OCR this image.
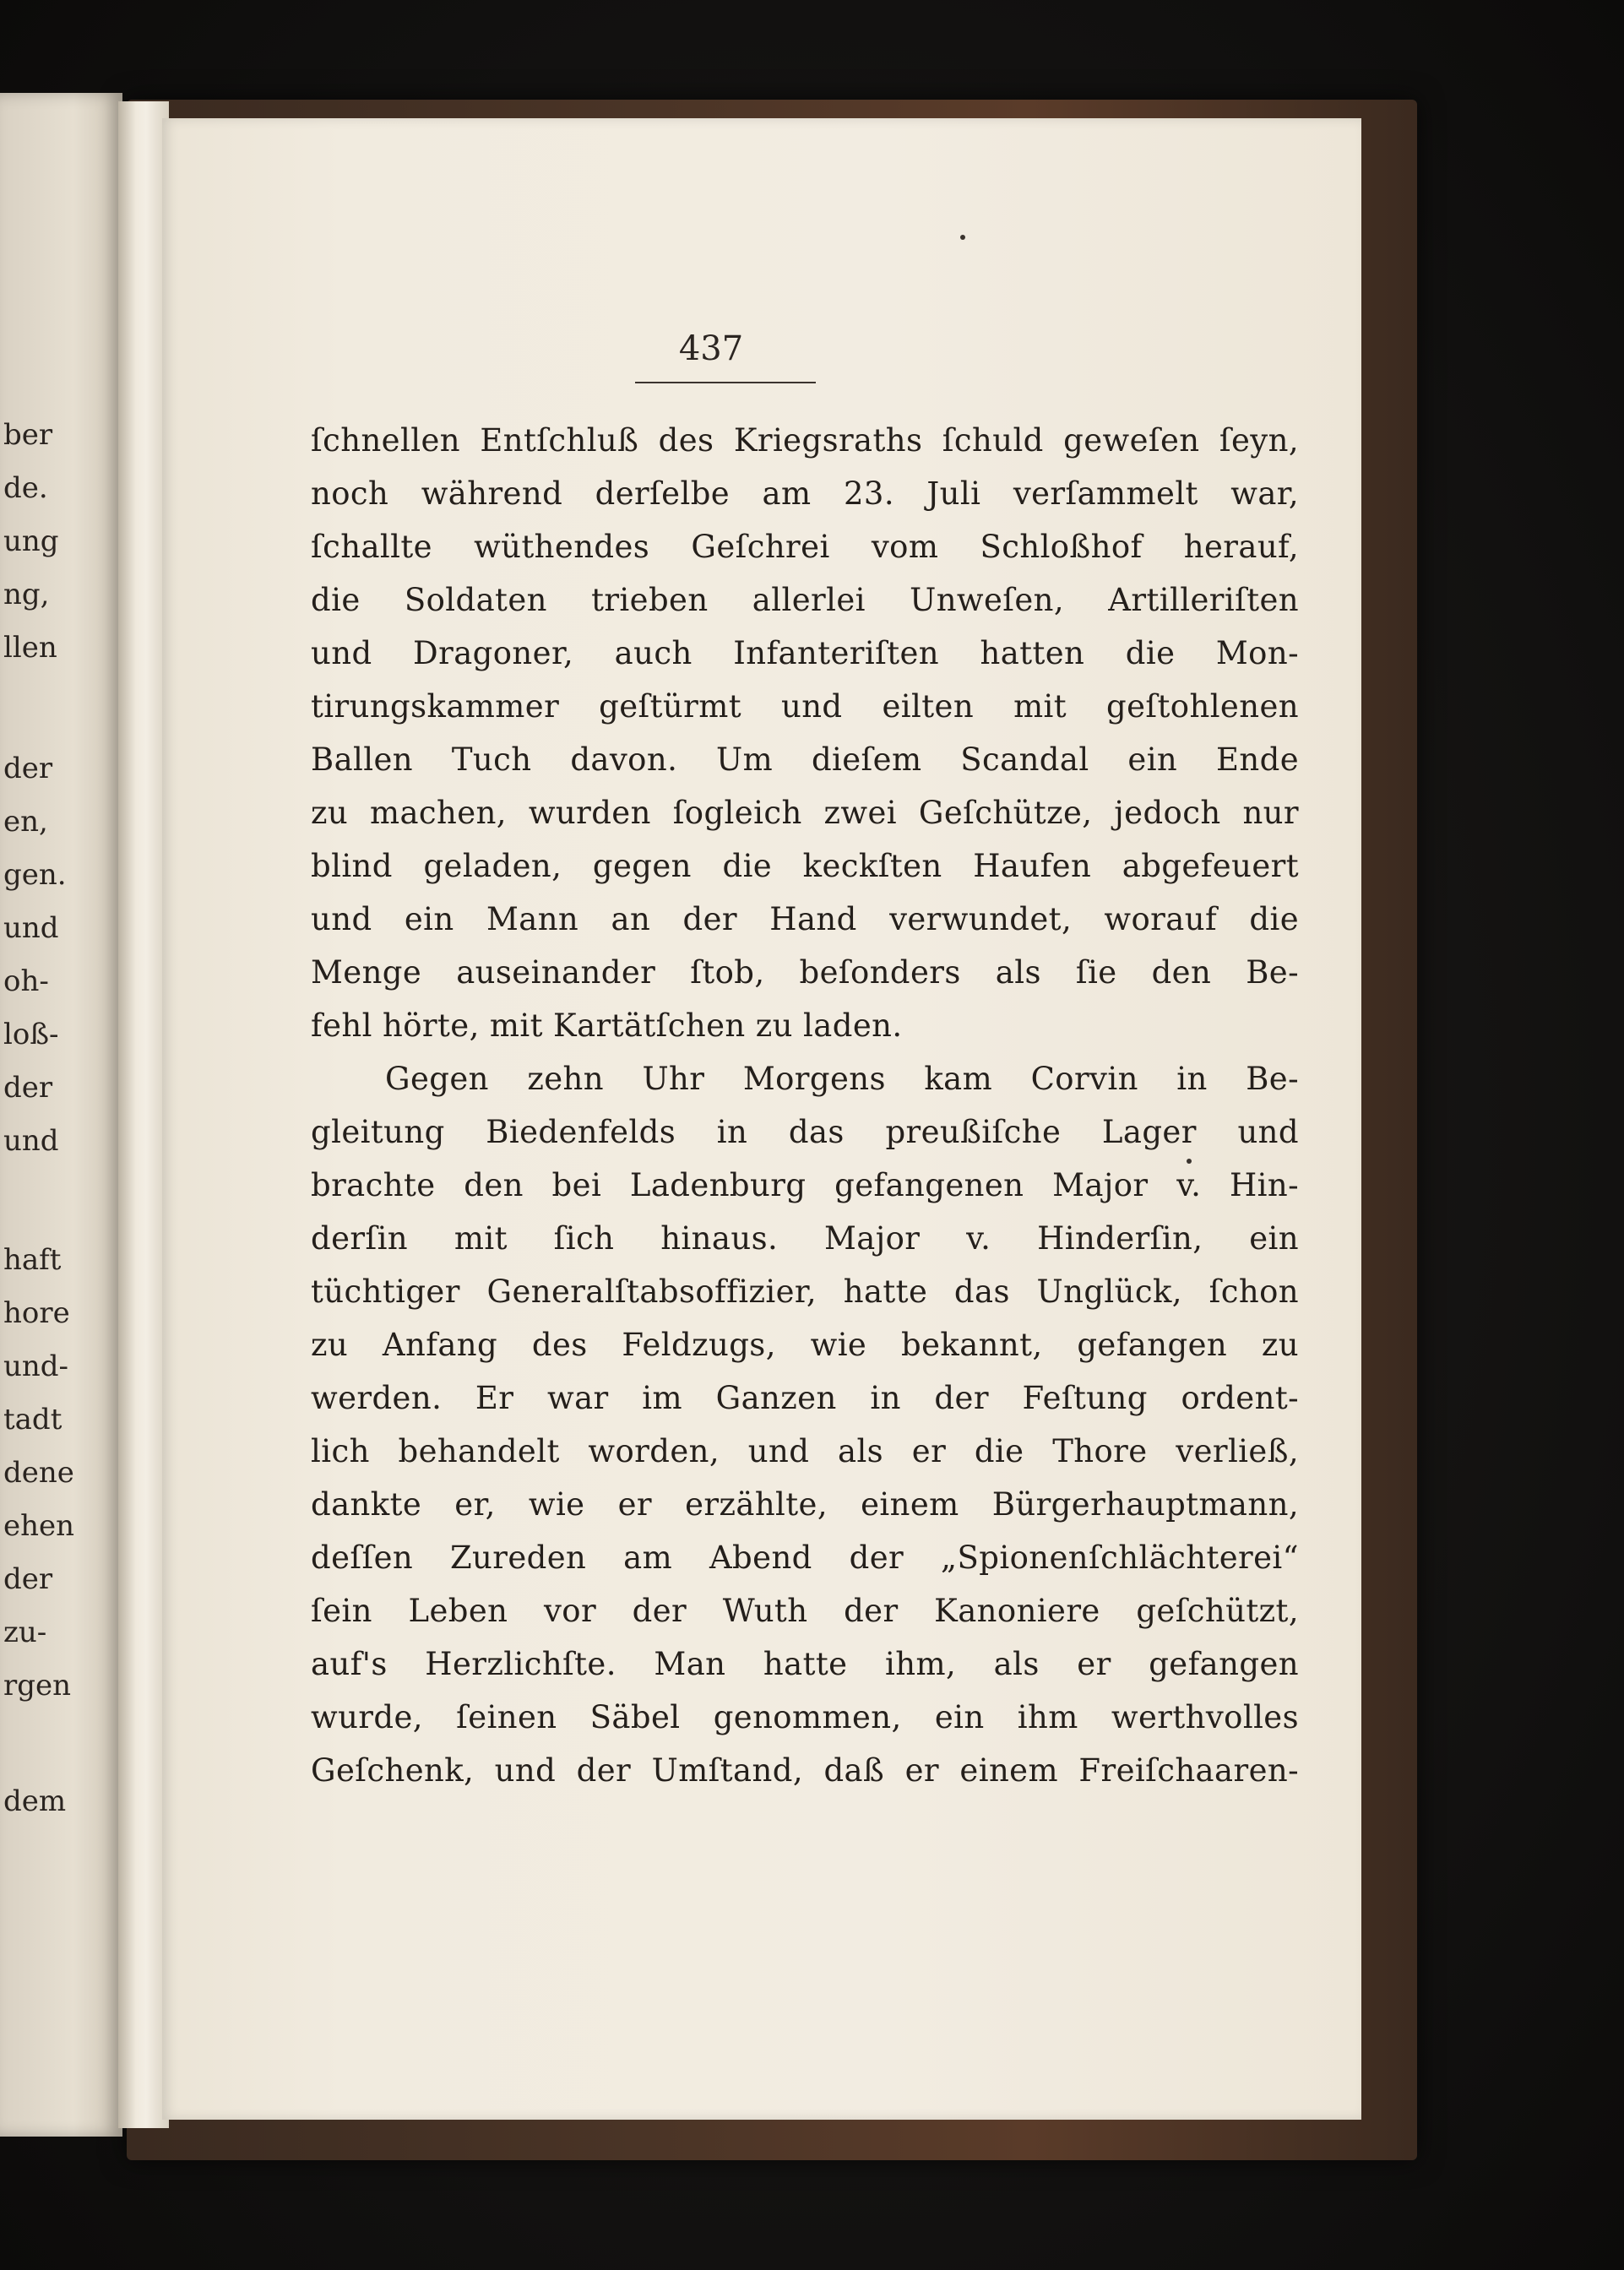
ber
de.
ung
ng,
llen
der
en,
gen.
und
oh-
loß-
der
und
haft
hore
und-
tadt
dene
ehen
der
zu-
rgen
dem
437
ſchnellen Entſchluß des Kriegsraths ſchuld geweſen ſeyn,
noch während derſelbe am 23. Juli verſammelt war,
ſchallte wüthendes Geſchrei vom Schloßhof herauf,
die Soldaten trieben allerlei Unweſen, Artilleriſten
und Dragoner, auch Infanteriſten hatten die Mon-
tirungskammer geſtürmt und eilten mit geſtohlenen
Ballen Tuch davon. Um dieſem Scandal ein Ende
zu machen, wurden ſogleich zwei Geſchütze, jedoch nur
blind geladen, gegen die keckſten Haufen abgefeuert
und ein Mann an der Hand verwundet, worauf die
Menge auseinander ſtob, beſonders als ſie den Be-
fehl hörte, mit Kartätſchen zu laden.
Gegen zehn Uhr Morgens kam Corvin in Be-
gleitung Biedenfelds in das preußiſche Lager und
brachte den bei Ladenburg gefangenen Major v. Hin-
derſin mit ſich hinaus. Major v. Hinderſin, ein
tüchtiger Generalſtabsoffizier, hatte das Unglück, ſchon
zu Anfang des Feldzugs, wie bekannt, gefangen zu
werden. Er war im Ganzen in der Feſtung ordent-
lich behandelt worden, und als er die Thore verließ,
dankte er, wie er erzählte, einem Bürgerhauptmann,
deſſen Zureden am Abend der „Spionenſchlächterei“
ſein Leben vor der Wuth der Kanoniere geſchützt,
auf's Herzlichſte. Man hatte ihm, als er gefangen
wurde, ſeinen Säbel genommen, ein ihm werthvolles
Geſchenk, und der Umſtand, daß er einem Freiſchaaren-
